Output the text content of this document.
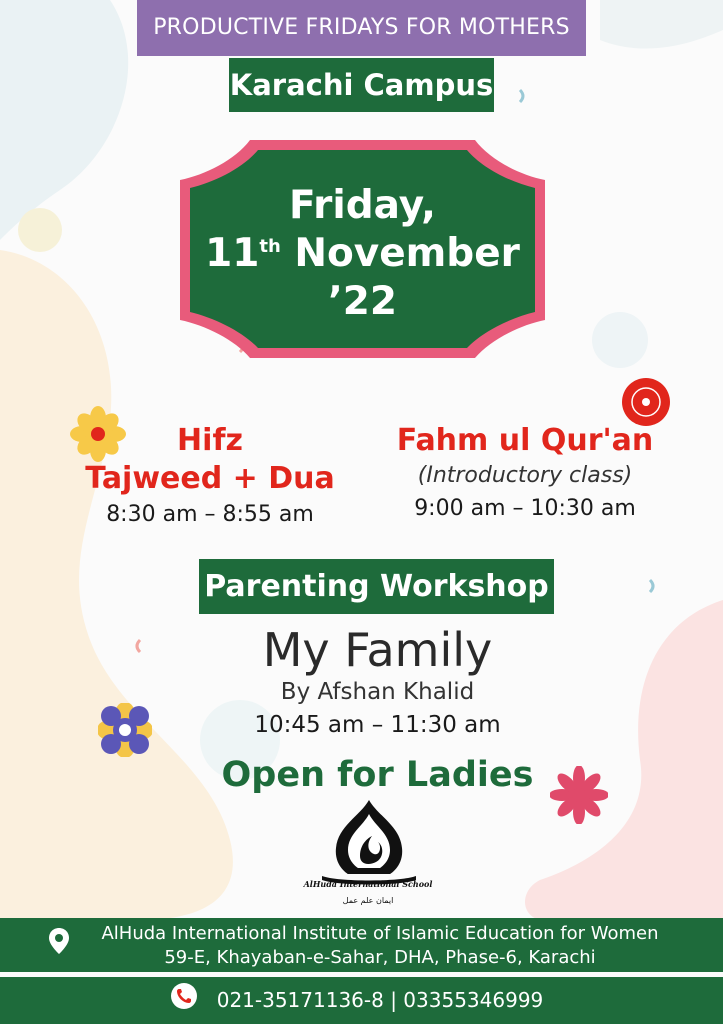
PRODUCTIVE FRIDAYS FOR MOTHERS
Karachi Campus
Friday,
11th November ’22
Hifz
Tajweed + Dua
8:30 am – 8:55 am
Fahm ul Qur'an
(Introductory class)
9:00 am – 10:30 am
Parenting Workshop
My Family
By Afshan Khalid
10:45 am – 11:30 am
Open for Ladies
AlHuda International School
ایمان علم عمل
AlHuda International Institute of Islamic Education for Women
59-E, Khayaban-e-Sahar, DHA, Phase-6, Karachi
021-35171136-8 | 03355346999
